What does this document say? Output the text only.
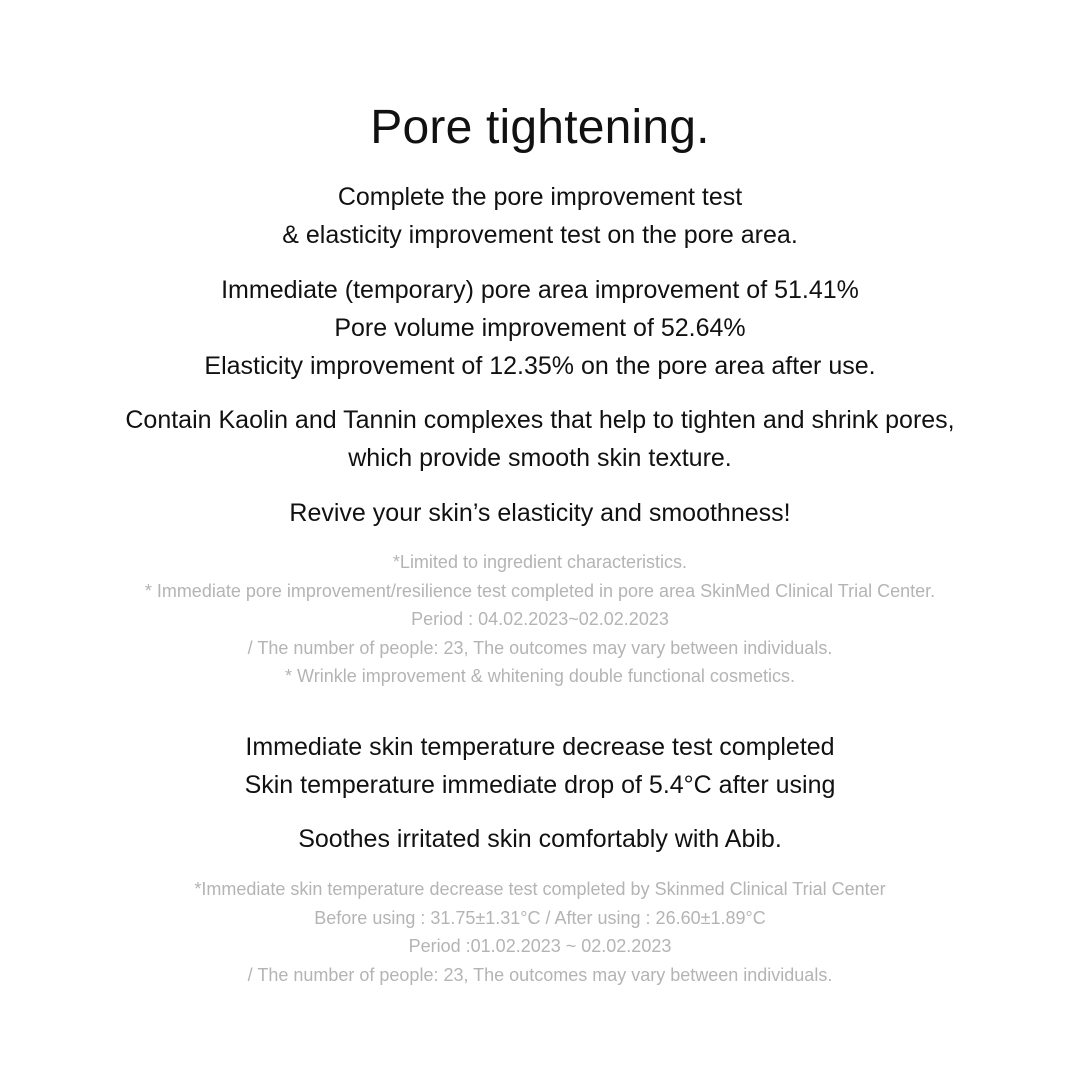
Pore tightening.

Complete the pore improvement test
& elasticity improvement test on the pore area.

Immediate (temporary) pore area improvement of 51.41%
Pore volume improvement of 52.64%
Elasticity improvement of 12.35% on the pore area after use.

Contain Kaolin and Tannin complexes that help to tighten and shrink pores,
which provide smooth skin texture.

Revive your skin’s elasticity and smoothness!

*Limited to ingredient characteristics.
* Immediate pore improvement/resilience test completed in pore area SkinMed Clinical Trial Center.
Period : 04.02.2023~02.02.2023
/ The number of people: 23, The outcomes may vary between individuals.
* Wrinkle improvement & whitening double functional cosmetics.

Immediate skin temperature decrease test completed
Skin temperature immediate drop of 5.4°C after using

Soothes irritated skin comfortably with Abib.

*Immediate skin temperature decrease test completed by Skinmed Clinical Trial Center
Before using : 31.75±1.31°C / After using : 26.60±1.89°C
Period :01.02.2023 ~ 02.02.2023
/ The number of people: 23, The outcomes may vary between individuals.
